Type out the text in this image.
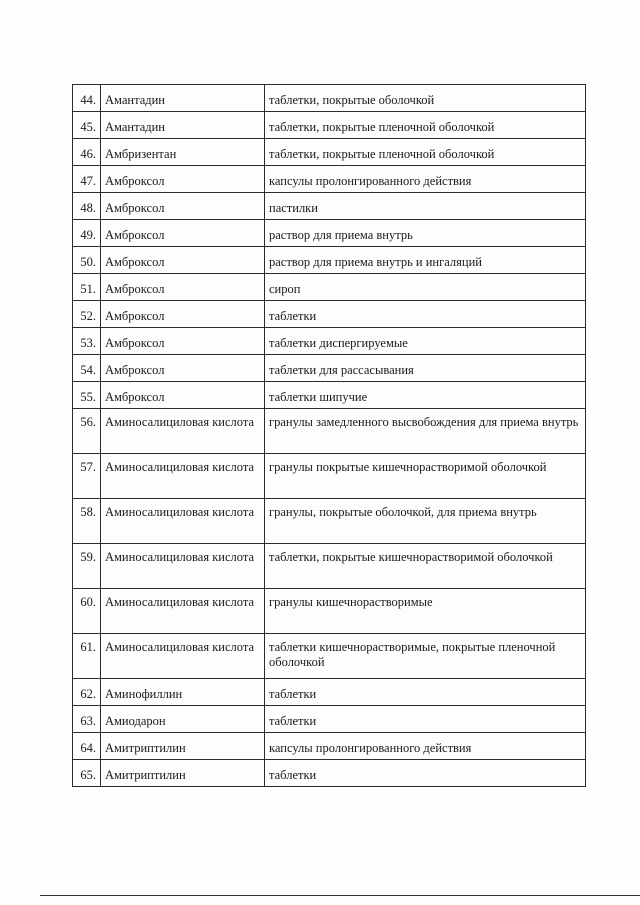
44.	Амантадин	таблетки, покрытые оболочкой
45.	Амантадин	таблетки, покрытые пленочной оболочкой
46.	Амбризентан	таблетки, покрытые пленочной оболочкой
47.	Амброксол	капсулы пролонгированного действия
48.	Амброксол	пастилки
49.	Амброксол	раствор для приема внутрь
50.	Амброксол	раствор для приема внутрь и ингаляций
51.	Амброксол	сироп
52.	Амброксол	таблетки
53.	Амброксол	таблетки диспергируемые
54.	Амброксол	таблетки для рассасывания
55.	Амброксол	таблетки шипучие
56.	Аминосалициловая кислота	гранулы замедленного высвобождения для приема внутрь
57.	Аминосалициловая кислота	гранулы покрытые кишечнорастворимой оболочкой
58.	Аминосалициловая кислота	гранулы, покрытые оболочкой, для приема внутрь
59.	Аминосалициловая кислота	таблетки, покрытые кишечнорастворимой оболочкой
60.	Аминосалициловая кислота	гранулы кишечнорастворимые
61.	Аминосалициловая кислота	таблетки кишечнорастворимые, покрытые пленочной оболочкой
62.	Аминофиллин	таблетки
63.	Амиодарон	таблетки
64.	Амитриптилин	капсулы пролонгированного действия
65.	Амитриптилин	таблетки
